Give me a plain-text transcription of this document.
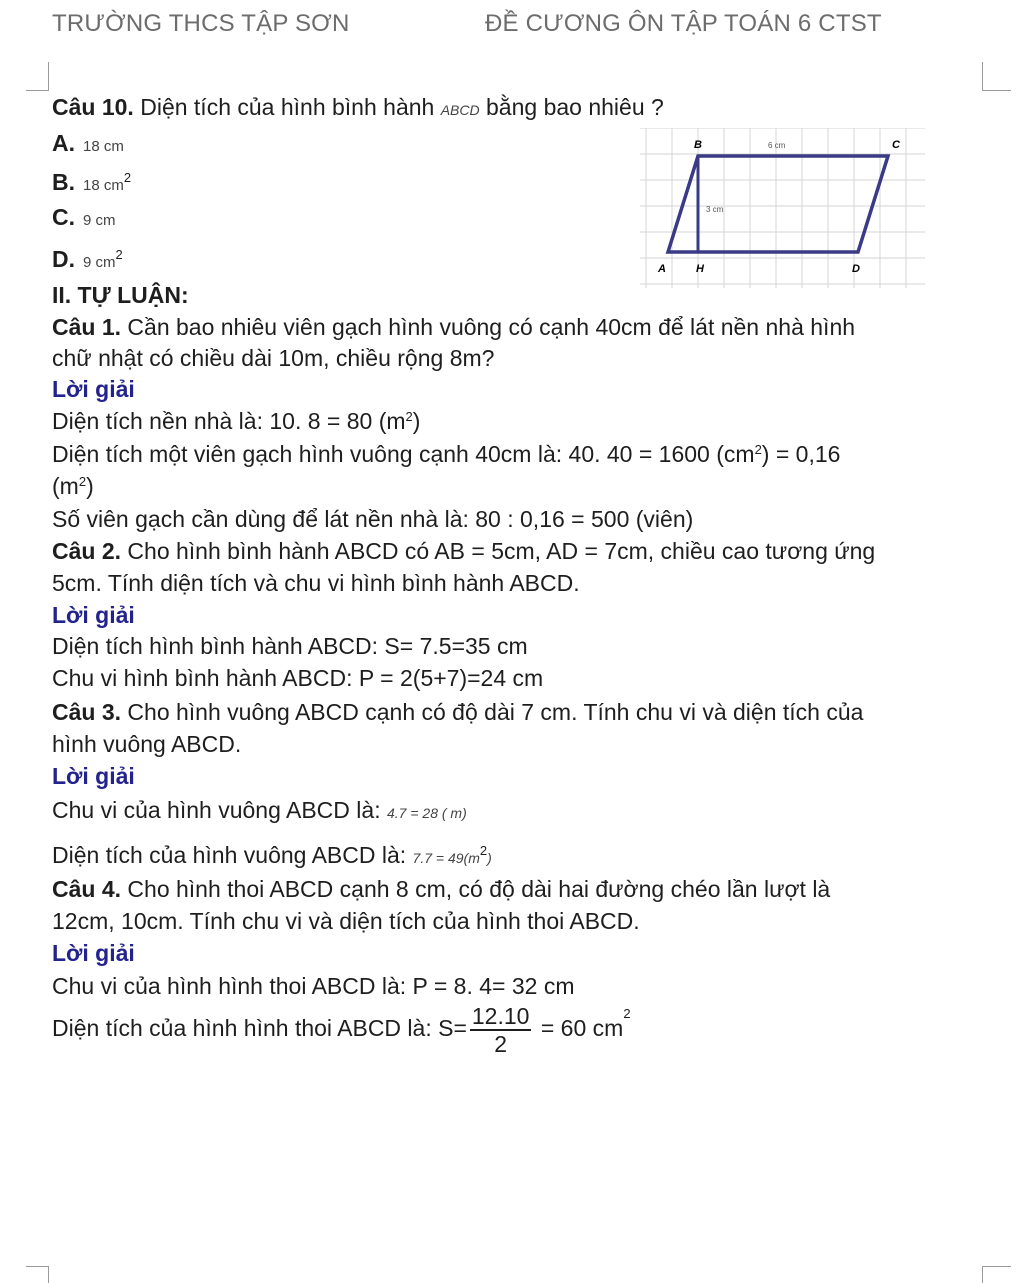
TRƯỜNG THCS TẬP SƠN	ĐỀ CƯƠNG ÔN TẬP TOÁN 6 CTST
Câu 10. Diện tích của hình bình hành ABCD bằng bao nhiêu ?
A. 18 cm
B. 18 $cm^2$
C. 9 cm
D. 9 $cm^2$
B	C
A	H	D
6 cm
3 cm
II. TỰ LUẬN:
Câu 1. Cần bao nhiêu viên gạch hình vuông có cạnh 40cm để lát nền nhà hình
chữ nhật có chiều dài 10m, chiều rộng 8m?
Lời giải
Diện tích nền nhà là: 10. 8 = 80 $(m^2)$
Diện tích một viên gạch hình vuông cạnh 40cm là: 40. 40 = 1600 $(cm^2) = 0,16$
$(m^2)$
Số viên gạch cần dùng để lát nền nhà là: 80 : 0,16 = 500 (viên)
Câu 2. Cho hình bình hành ABCD có AB = 5cm, AD = 7cm, chiều cao tương ứng
5cm. Tính diện tích và chu vi hình bình hành ABCD.
Lời giải
Diện tích hình bình hành ABCD: S= 7.5=35 cm
Chu vi hình bình hành ABCD: P = 2(5+7)=24 cm
Câu 3. Cho hình vuông ABCD cạnh có độ dài 7 cm. Tính chu vi và diện tích của
hình vuông ABCD.
Lời giải
Chu vi của hình vuông ABCD là: 4.7 = 28 ( m)
Diện tích của hình vuông ABCD là: $7.7 = 49(m^2)$
Câu 4. Cho hình thoi ABCD cạnh 8 cm, có độ dài hai đường chéo lần lượt là
12cm, 10cm. Tính chu vi và diện tích của hình thoi ABCD.
Lời giải
Chu vi của hình hình thoi ABCD là: P = 8. 4= 32 cm
Diện tích của hình hình thoi ABCD là: $S= \frac{12.10}{2} = 60$ $cm^2$
